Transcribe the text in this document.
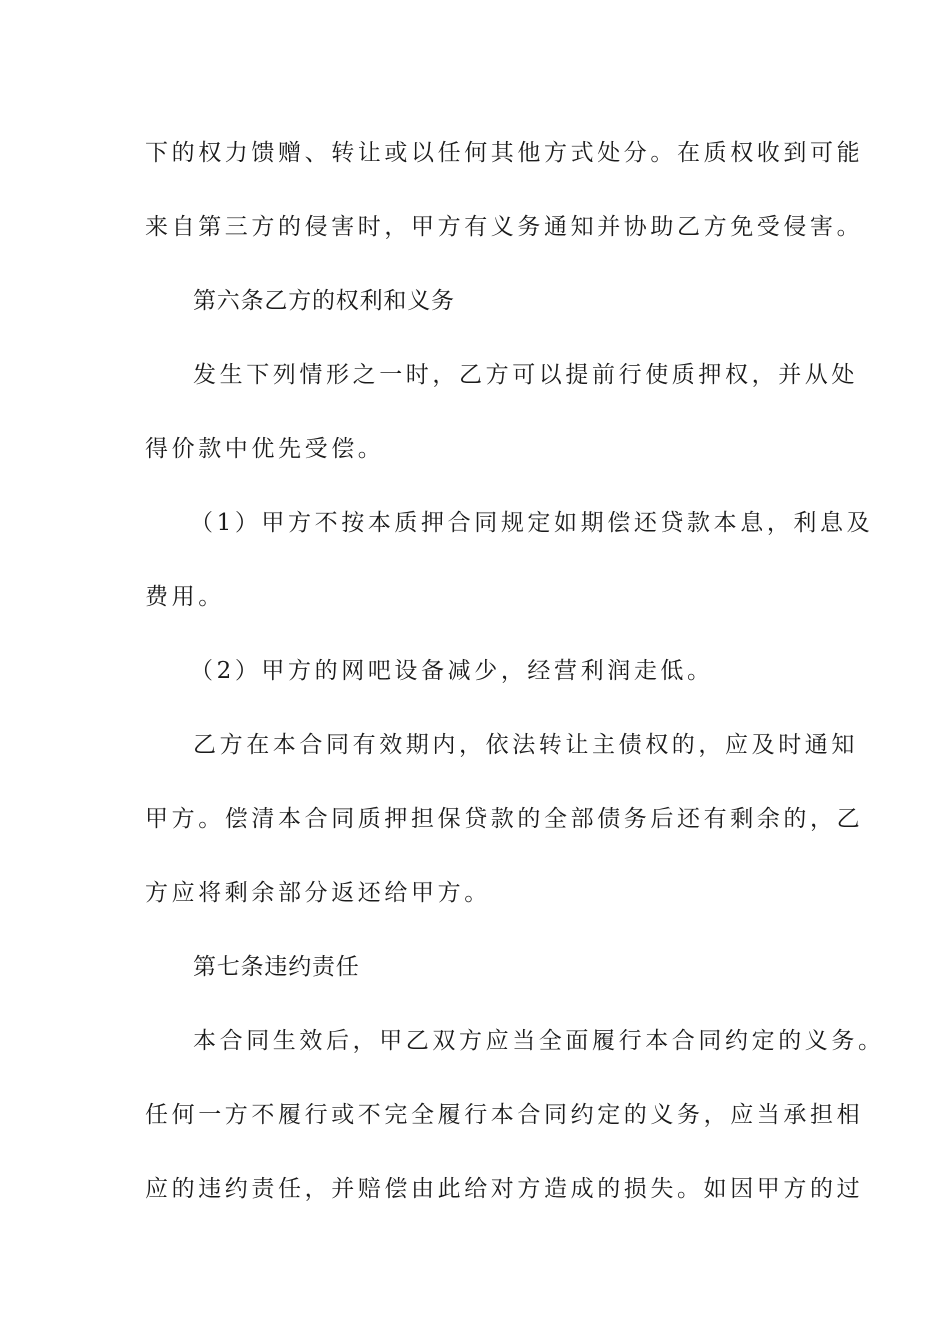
下的权力馈赠、转让或以任何其他方式处分。在质权收到可能
来自第三方的侵害时，甲方有义务通知并协助乙方免受侵害。
第六条乙方的权利和义务
发生下列情形之一时，乙方可以提前行使质押权，并从处
得价款中优先受偿。
（1）甲方不按本质押合同规定如期偿还贷款本息，利息及
费用。
（2）甲方的网吧设备减少，经营利润走低。
乙方在本合同有效期内，依法转让主债权的，应及时通知
甲方。偿清本合同质押担保贷款的全部债务后还有剩余的，乙
方应将剩余部分返还给甲方。
第七条违约责任
本合同生效后，甲乙双方应当全面履行本合同约定的义务。
任何一方不履行或不完全履行本合同约定的义务，应当承担相
应的违约责任，并赔偿由此给对方造成的损失。如因甲方的过
